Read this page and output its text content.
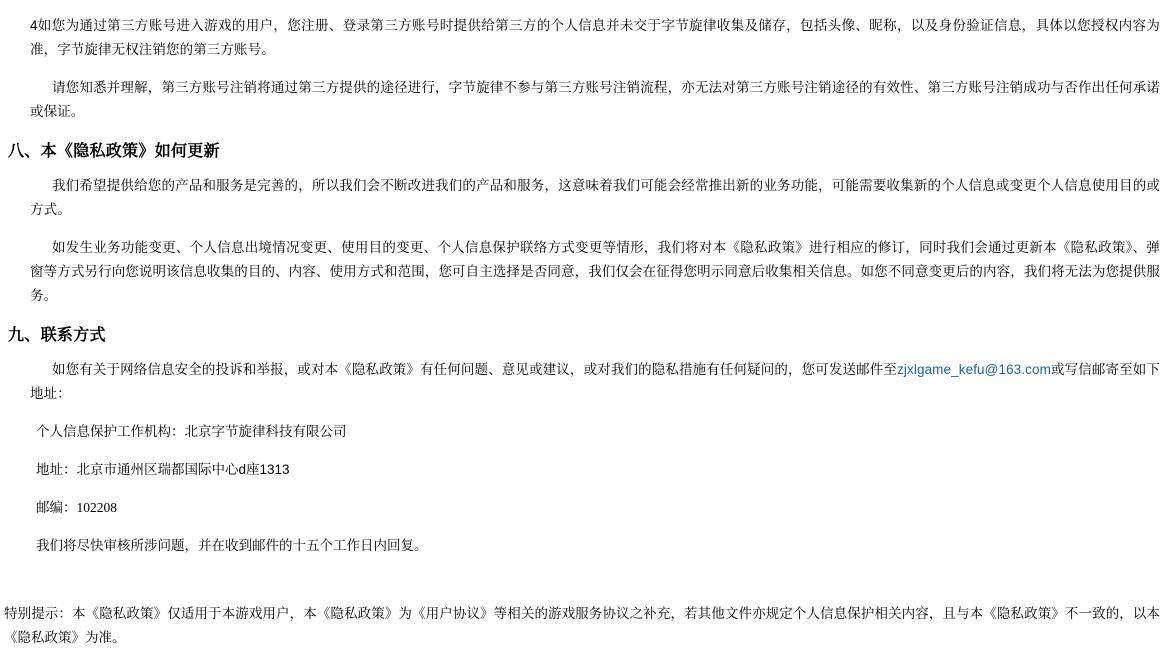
4如您为通过第三方账号进入游戏的用户，您注册、登录第三方账号时提供给第三方的个人信息并未交于字节旋律收集及储存，包括头像、昵称，以及身份验证信息，具体以您授权内容为准，字节旋律无权注销您的第三方账号。

请您知悉并理解，第三方账号注销将通过第三方提供的途径进行，字节旋律不参与第三方账号注销流程，亦无法对第三方账号注销途径的有效性、第三方账号注销成功与否作出任何承诺或保证。

八、本《隐私政策》如何更新

我们希望提供给您的产品和服务是完善的，所以我们会不断改进我们的产品和服务，这意味着我们可能会经常推出新的业务功能，可能需要收集新的个人信息或变更个人信息使用目的或方式。

如发生业务功能变更、个人信息出境情况变更、使用目的变更、个人信息保护联络方式变更等情形，我们将对本《隐私政策》进行相应的修订，同时我们会通过更新本《隐私政策》、弹窗等方式另行向您说明该信息收集的目的、内容、使用方式和范围，您可自主选择是否同意，我们仅会在征得您明示同意后收集相关信息。如您不同意变更后的内容，我们将无法为您提供服务。

九、联系方式

如您有关于网络信息安全的投诉和举报，或对本《隐私政策》有任何问题、意见或建议，或对我们的隐私措施有任何疑问的，您可发送邮件至zjxlgame_kefu@163.com或写信邮寄至如下地址：

个人信息保护工作机构：北京字节旋律科技有限公司

地址：北京市通州区瑞都国际中心d座1313

邮编：102208

我们将尽快审核所涉问题，并在收到邮件的十五个工作日内回复。

特别提示：本《隐私政策》仅适用于本游戏用户，本《隐私政策》为《用户协议》等相关的游戏服务协议之补充，若其他文件亦规定个人信息保护相关内容，且与本《隐私政策》不一致的，以本《隐私政策》为准。
